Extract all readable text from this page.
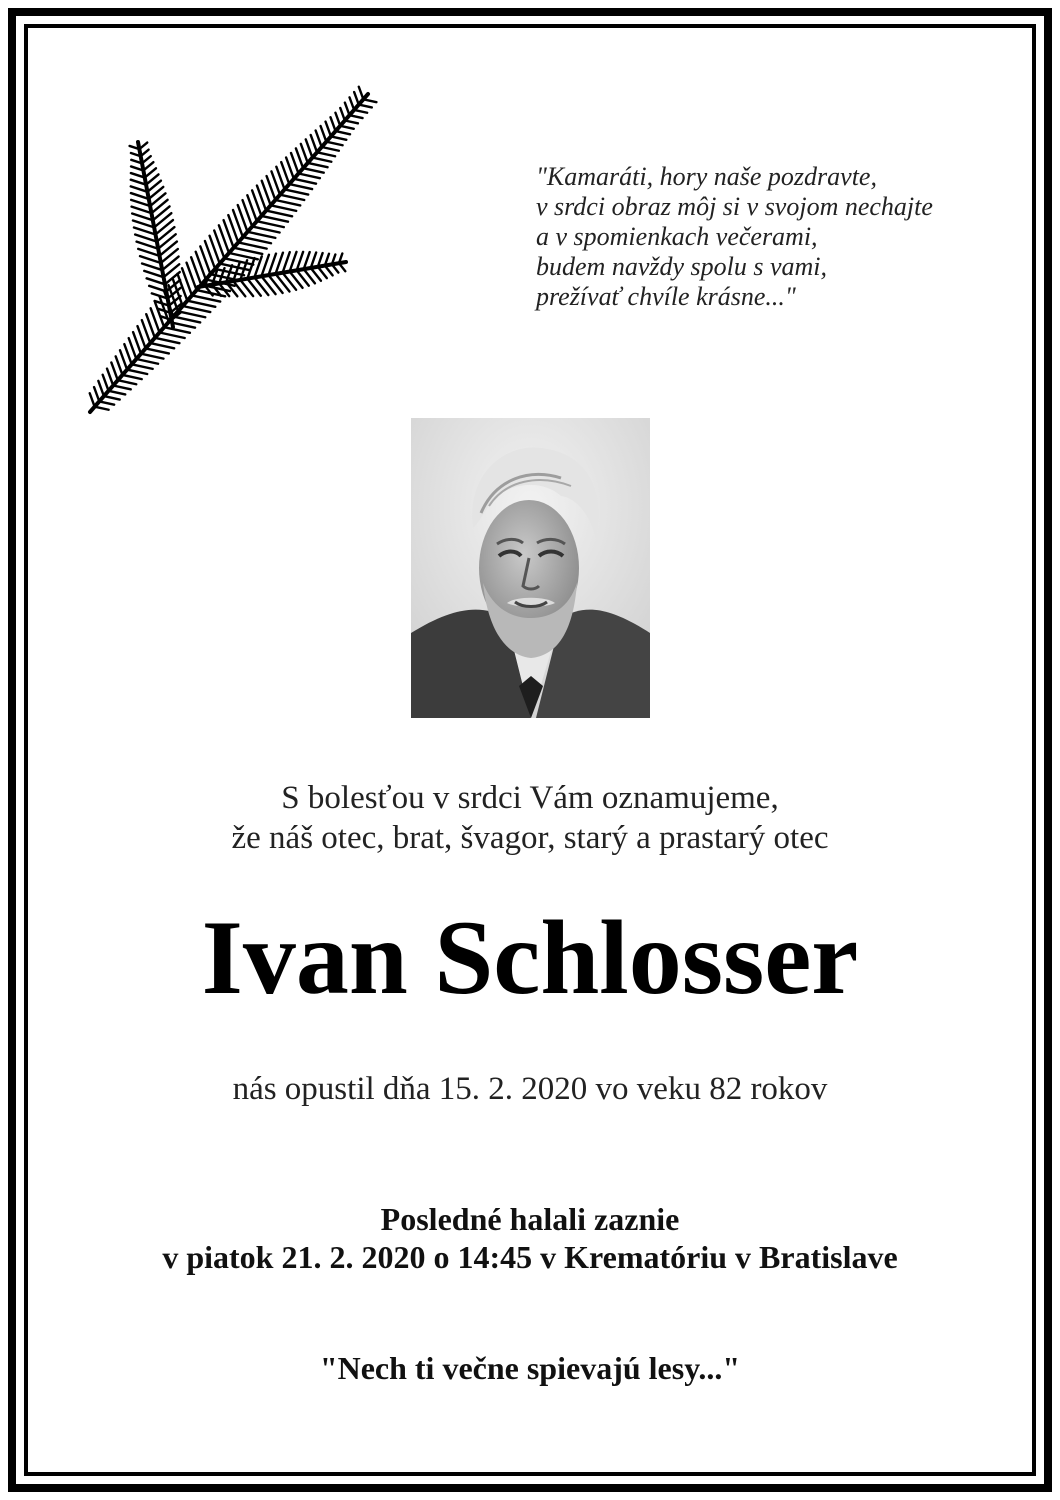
"Kamaráti, hory naše pozdravte,
v srdci obraz môj si v svojom nechajte
a v spomienkach večerami,
budem navždy spolu s vami,
prežívať chvíle krásne..."
S bolesťou v srdci Vám oznamujeme,
že náš otec, brat, švagor, starý a prastarý otec
Ivan Schlosser
nás opustil dňa 15. 2. 2020 vo veku 82 rokov
Posledné halali zaznie
v piatok 21. 2. 2020 o 14:45 v Krematóriu v Bratislave
"Nech ti večne spievajú lesy..."
